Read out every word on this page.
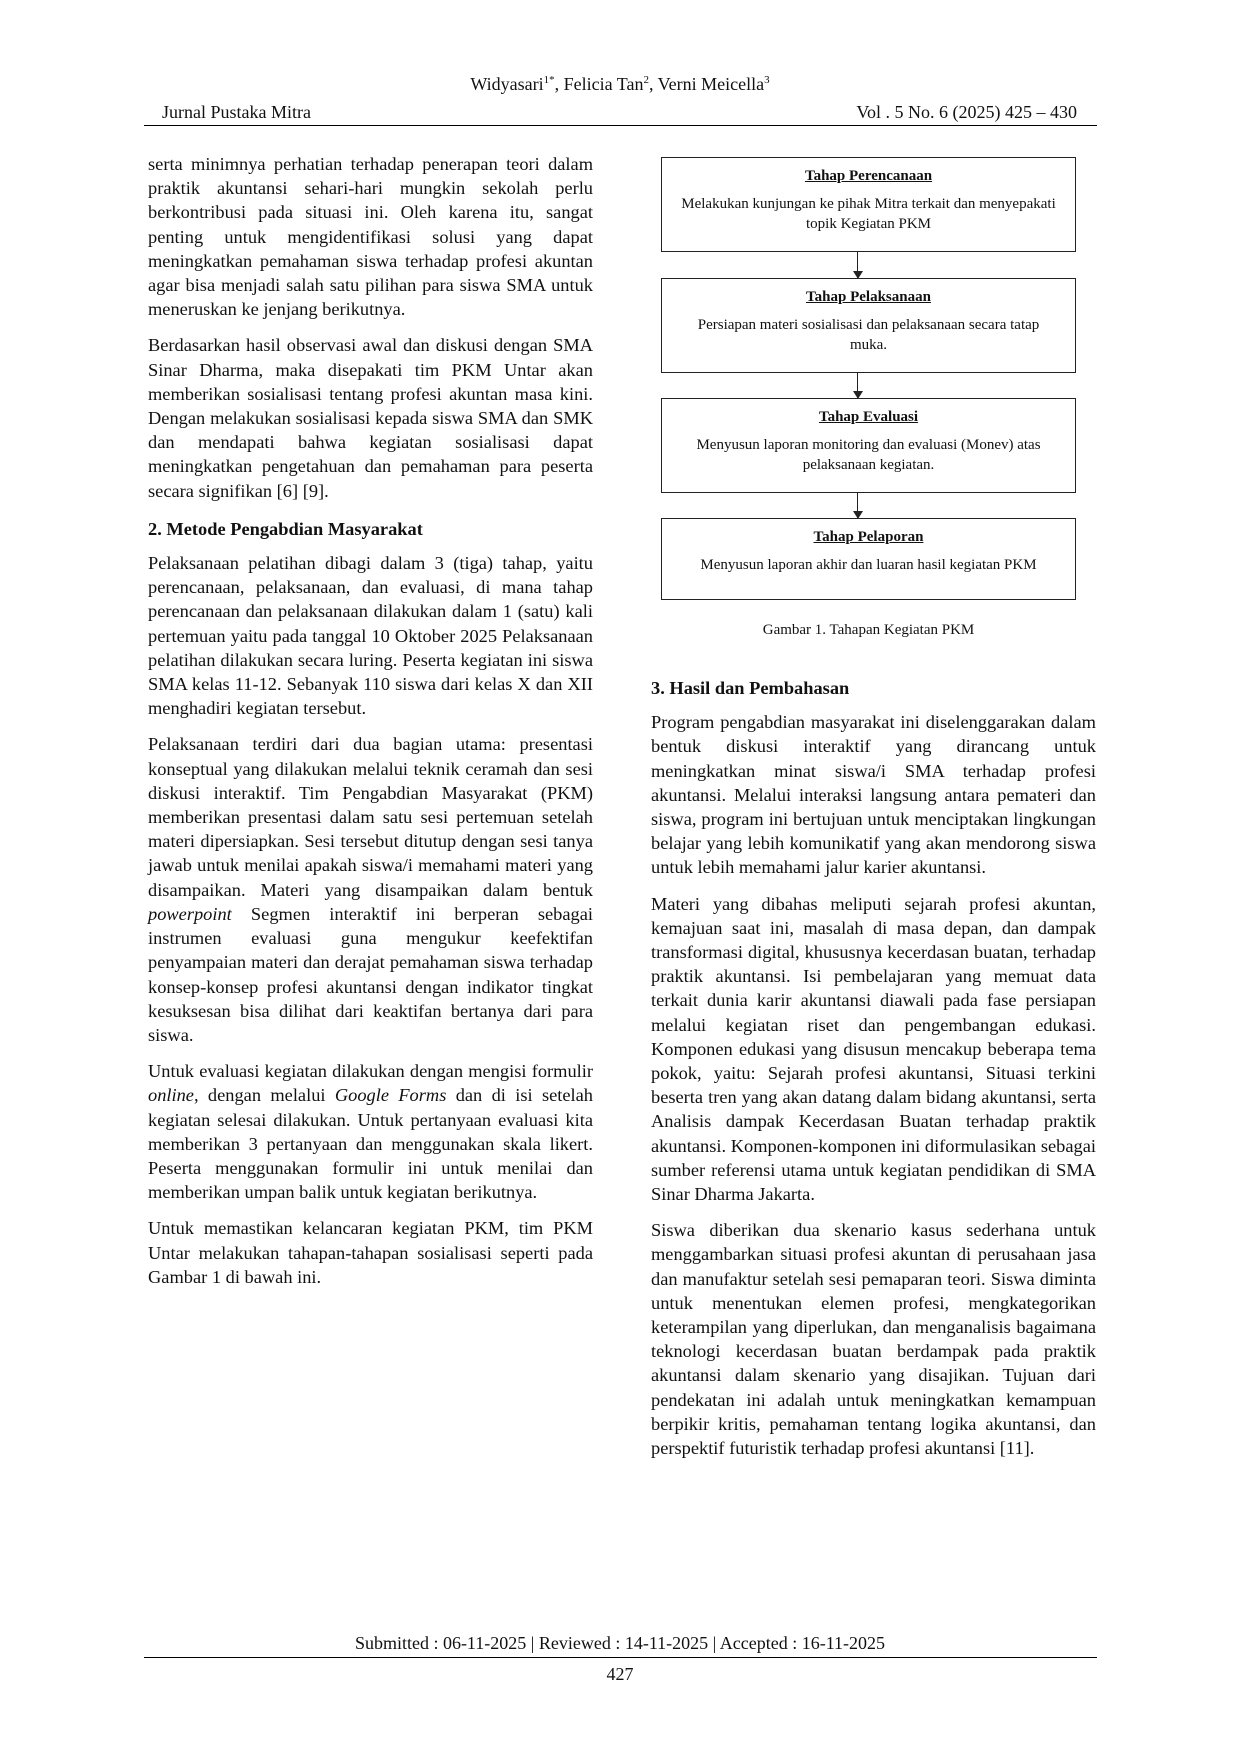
Widyasari$^{1*}$, Felicia Tan$^2$, Verni Meicella$^3$
Jurnal Pustaka Mitra	Vol . 5 No. 6 (2025) 425 – 430

serta minimnya perhatian terhadap penerapan teori dalam praktik akuntansi sehari-hari mungkin sekolah perlu berkontribusi pada situasi ini. Oleh karena itu, sangat penting untuk mengidentifikasi solusi yang dapat meningkatkan pemahaman siswa terhadap profesi akuntan agar bisa menjadi salah satu pilihan para siswa SMA untuk meneruskan ke jenjang berikutnya.

Berdasarkan hasil observasi awal dan diskusi dengan SMA Sinar Dharma, maka disepakati tim PKM Untar akan memberikan sosialisasi tentang profesi akuntan masa kini. Dengan melakukan sosialisasi kepada siswa SMA dan SMK dan mendapati bahwa kegiatan sosialisasi dapat meningkatkan pengetahuan dan pemahaman para peserta secara signifikan [6] [9].

2. Metode Pengabdian Masyarakat

Pelaksanaan pelatihan dibagi dalam 3 (tiga) tahap, yaitu perencanaan, pelaksanaan, dan evaluasi, di mana tahap perencanaan dan pelaksanaan dilakukan dalam 1 (satu) kali pertemuan yaitu pada tanggal 10 Oktober 2025 Pelaksanaan pelatihan dilakukan secara luring. Peserta kegiatan ini siswa SMA kelas 11-12. Sebanyak 110 siswa dari kelas X dan XII menghadiri kegiatan tersebut.

Pelaksanaan terdiri dari dua bagian utama: presentasi konseptual yang dilakukan melalui teknik ceramah dan sesi diskusi interaktif. Tim Pengabdian Masyarakat (PKM) memberikan presentasi dalam satu sesi pertemuan setelah materi dipersiapkan. Sesi tersebut ditutup dengan sesi tanya jawab untuk menilai apakah siswa/i memahami materi yang disampaikan. Materi yang disampaikan dalam bentuk powerpoint Segmen interaktif ini berperan sebagai instrumen evaluasi guna mengukur keefektifan penyampaian materi dan derajat pemahaman siswa terhadap konsep-konsep profesi akuntansi dengan indikator tingkat kesuksesan bisa dilihat dari keaktifan bertanya dari para siswa.

Untuk evaluasi kegiatan dilakukan dengan mengisi formulir online, dengan melalui Google Forms dan di isi setelah kegiatan selesai dilakukan. Untuk pertanyaan evaluasi kita memberikan 3 pertanyaan dan menggunakan skala likert. Peserta menggunakan formulir ini untuk menilai dan memberikan umpan balik untuk kegiatan berikutnya.

Untuk memastikan kelancaran kegiatan PKM, tim PKM Untar melakukan tahapan-tahapan sosialisasi seperti pada Gambar 1 di bawah ini.

Tahap Perencanaan
Melakukan kunjungan ke pihak Mitra terkait dan menyepakati topik Kegiatan PKM
Tahap Pelaksanaan
Persiapan materi sosialisasi dan pelaksanaan secara tatap muka.
Tahap Evaluasi
Menyusun laporan monitoring dan evaluasi (Monev) atas pelaksanaan kegiatan.
Tahap Pelaporan
Menyusun laporan akhir dan luaran hasil kegiatan PKM
Gambar 1. Tahapan Kegiatan PKM

3. Hasil dan Pembahasan

Program pengabdian masyarakat ini diselenggarakan dalam bentuk diskusi interaktif yang dirancang untuk meningkatkan minat siswa/i SMA terhadap profesi akuntansi. Melalui interaksi langsung antara pemateri dan siswa, program ini bertujuan untuk menciptakan lingkungan belajar yang lebih komunikatif yang akan mendorong siswa untuk lebih memahami jalur karier akuntansi.

Materi yang dibahas meliputi sejarah profesi akuntan, kemajuan saat ini, masalah di masa depan, dan dampak transformasi digital, khususnya kecerdasan buatan, terhadap praktik akuntansi. Isi pembelajaran yang memuat data terkait dunia karir akuntansi diawali pada fase persiapan melalui kegiatan riset dan pengembangan edukasi. Komponen edukasi yang disusun mencakup beberapa tema pokok, yaitu: Sejarah profesi akuntansi, Situasi terkini beserta tren yang akan datang dalam bidang akuntansi, serta Analisis dampak Kecerdasan Buatan terhadap praktik akuntansi. Komponen-komponen ini diformulasikan sebagai sumber referensi utama untuk kegiatan pendidikan di SMA Sinar Dharma Jakarta.

Siswa diberikan dua skenario kasus sederhana untuk menggambarkan situasi profesi akuntan di perusahaan jasa dan manufaktur setelah sesi pemaparan teori. Siswa diminta untuk menentukan elemen profesi, mengkategorikan keterampilan yang diperlukan, dan menganalisis bagaimana teknologi kecerdasan buatan berdampak pada praktik akuntansi dalam skenario yang disajikan. Tujuan dari pendekatan ini adalah untuk meningkatkan kemampuan berpikir kritis, pemahaman tentang logika akuntansi, dan perspektif futuristik terhadap profesi akuntansi [11].

Submitted : 06-11-2025 | Reviewed : 14-11-2025 | Accepted : 16-11-2025
427
